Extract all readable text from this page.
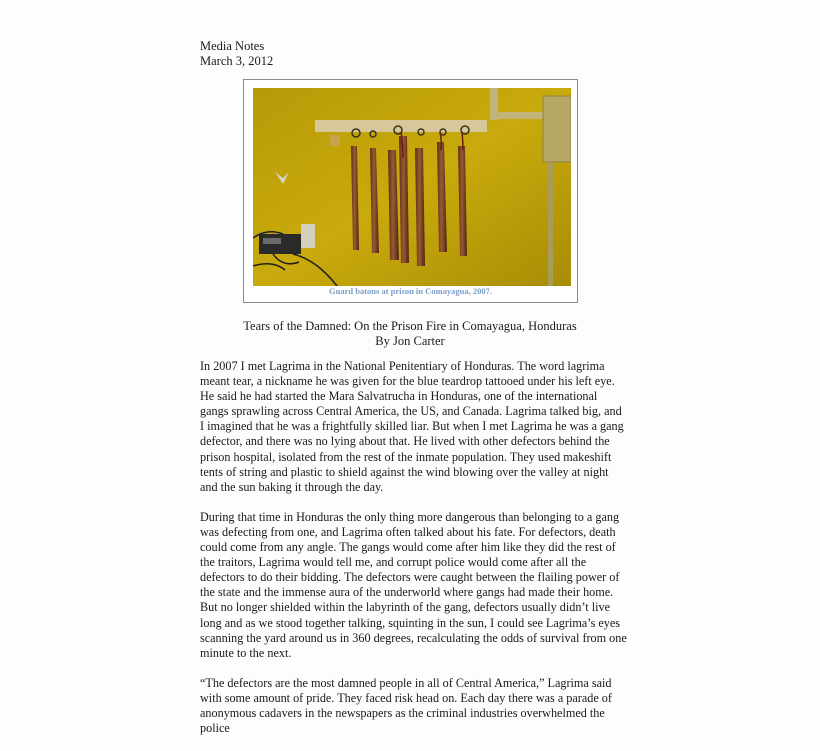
Media Notes
March 3, 2012
Guard batons at prison in Comayagua, 2007.
Tears of the Damned: On the Prison Fire in Comayagua, Honduras
By Jon Carter

In 2007 I met Lagrima in the National Penitentiary of Honduras. The word lagrima meant tear, a nickname he was given for the blue teardrop tattooed under his left eye. He said he had started the Mara Salvatrucha in Honduras, one of the international gangs sprawling across Central America, the US, and Canada. Lagrima talked big, and I imagined that he was a frightfully skilled liar. But when I met Lagrima he was a gang defector, and there was no lying about that. He lived with other defectors behind the prison hospital, isolated from the rest of the inmate population. They used makeshift tents of string and plastic to shield against the wind blowing over the valley at night and the sun baking it through the day.

During that time in Honduras the only thing more dangerous than belonging to a gang was defecting from one, and Lagrima often talked about his fate. For defectors, death could come from any angle. The gangs would come after him like they did the rest of the traitors, Lagrima would tell me, and corrupt police would come after all the defectors to do their bidding. The defectors were caught between the flailing power of the state and the immense aura of the underworld where gangs had made their home. But no longer shielded within the labyrinth of the gang, defectors usually didn’t live long and as we stood together talking, squinting in the sun, I could see Lagrima’s eyes scanning the yard around us in 360 degrees, recalculating the odds of survival from one minute to the next.

“The defectors are the most damned people in all of Central America,” Lagrima said with some amount of pride. They faced risk head on. Each day there was a parade of anonymous cadavers in the newspapers as the criminal industries overwhelmed the police
